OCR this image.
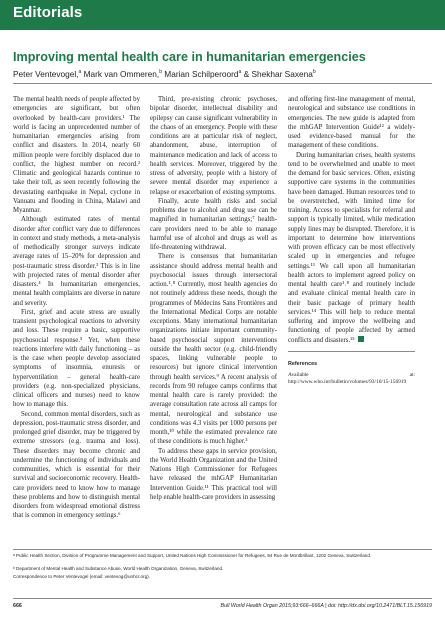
Editorials
Improving mental health care in humanitarian emergencies
Peter Ventevogel,$^a$ Mark van Ommeren,$^b$ Marian Schilperoord$^a$ & Shekhar Saxena$^b$

The mental health needs of people affected by emergencies are significant, but often overlooked by health-care providers.¹ The world is facing an unprecedented number of humanitarian emergencies arising from conflict and disasters. In 2014, nearly 60 million people were forcibly displaced due to conflict, the highest number on record.² Climatic and geological hazards continue to take their toll, as seen recently following the devastating earthquake in Nepal, cyclone in Vanuatu and flooding in China, Malawi and Myanmar.

Although estimated rates of mental disorder after conflict vary due to differences in context and study methods, a meta-analysis of methodically stronger surveys indicate average rates of 15–20% for depression and post-traumatic stress disorder.³ This is in line with projected rates of mental disorder after disasters.⁴ In humanitarian emergencies, mental health complaints are diverse in nature and severity.

First, grief and acute stress are usually transient psychological reactions to adversity and loss. These require a basic, supportive psychosocial response.⁵ Yet, when these reactions interfere with daily functioning – as is the case when people develop associated symptoms of insomnia, enuresis or hyperventilation – general health-care providers (e.g. non-specialized physicians, clinical officers and nurses) need to know how to manage this.

Second, common mental disorders, such as depression, post-traumatic stress disorder, and prolonged grief disorder, may be triggered by extreme stressors (e.g. trauma and loss). These disorders may become chronic and undermine the functioning of individuals and communities, which is essential for their survival and socioeconomic recovery. Health-care providers need to know how to manage these problems and how to distinguish mental disorders from widespread emotional distress that is common in emergency settings.⁶

Third, pre-existing chronic psychoses, bipolar disorder, intellectual disability and epilepsy can cause significant vulnerability in the chaos of an emergency. People with these conditions are at particular risk of neglect, abandonment, abuse, interruption of maintenance medication and lack of access to health services. Moreover, triggered by the stress of adversity, people with a history of severe mental disorder may experience a relapse or exacerbation of existing symptoms.

Finally, acute health risks and social problems due to alcohol and drug use can be magnified in humanitarian settings;⁷ health-care providers need to be able to manage harmful use of alcohol and drugs as well as life-threatening withdrawal.

There is consensus that humanitarian assistance should address mental health and psychosocial issues through intersectoral action.¹˒⁸ Currently, most health agencies do not routinely address these needs, though the programmes of Médecins Sans Frontières and the International Medical Corps are notable exceptions. Many international humanitarian organizations initiate important community-based psychosocial support interventions outside the health sector (e.g. child-friendly spaces, linking vulnerable people to resources) but ignore clinical intervention through health services.⁹ A recent analysis of records from 90 refugee camps confirms that mental health care is rarely provided: the average consultation rate across all camps for mental, neurological and substance use conditions was 4.3 visits per 1000 persons per month,¹⁰ while the estimated prevalence rate of these conditions is much higher.³

To address these gaps in service provision, the World Health Organization and the United Nations High Commissioner for Refugees have released the mhGAP Humanitarian Intervention Guide.¹¹ This practical tool will help enable health-care providers in assessing

and offering first-line management of mental, neurological and substance use conditions in emergencies. The new guide is adapted from the mhGAP Intervention Guide¹² a widely-used evidence-based manual for the management of these conditions.

During humanitarian crises, health systems tend to be overwhelmed and unable to meet the demand for basic services. Often, existing supportive care systems in the communities have been damaged. Human resources tend to be overstretched, with limited time for training. Access to specialists for referral and support is typically limited, while medication supply lines may be disrupted. Therefore, it is important to determine how interventions with proven efficacy can be most effectively scaled up in emergencies and refugee settings.¹³ We call upon all humanitarian health actors to implement agreed policy on mental health care¹˒⁸ and routinely include and evaluate clinical mental health care in their basic package of primary health services.¹⁴ This will help to reduce mental suffering and improve the wellbeing and functioning of people affected by armed conflicts and disasters.¹⁵

References
Available at: http://www.who.int/bulletin/volumes/93/10/15-156919
ᵃ Public Health Section, Division of Programme Management and Support, United Nations High Commissioner for Refugees, 94 Rue de Montbrillant, 1202 Geneva, Switzerland.
ᵇ Department of Mental Health and Substance Abuse, World Health Organization, Geneva, Switzerland.
Correspondence to Peter Ventevogel (email: ventevog@unhcr.org).
666	Bull World Health Organ 2015;93:666–666A | doi: http://dx.doi.org/10.2471/BLT.15.156919
